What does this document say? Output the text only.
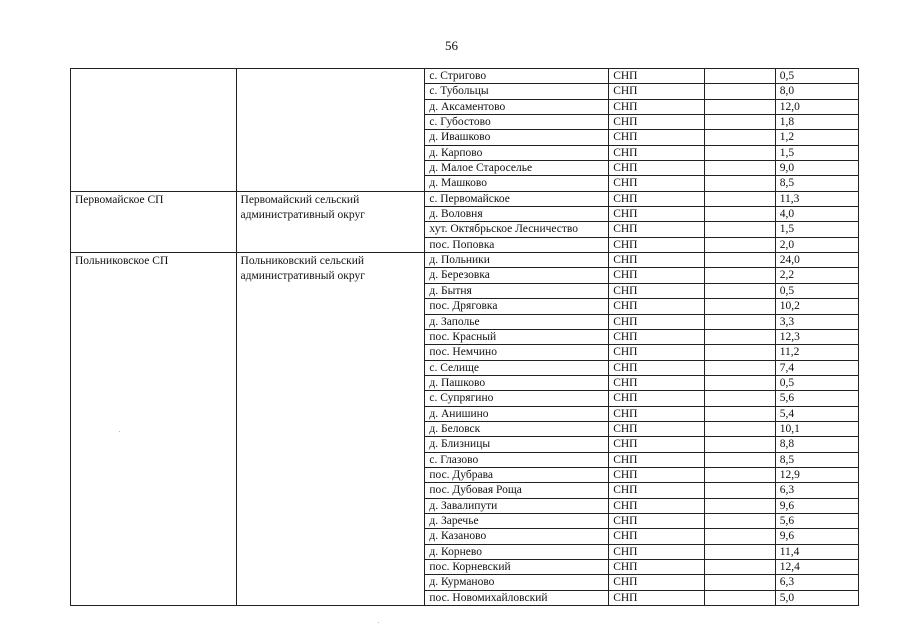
56
		с. Стригово	СНП		0,5
		с. Тубольцы	СНП		8,0
		д. Аксаментово	СНП		12,0
		с. Губостово	СНП		1,8
		д. Ивашково	СНП		1,2
		д. Карпово	СНП		1,5
		д. Малое Староселье	СНП		9,0
		д. Машково	СНП		8,5
Первомайское СП	Первомайский сельский административный округ	с. Первомайское	СНП		11,3
		д. Воловня	СНП		4,0
		хут. Октябрьское Лесничество	СНП		1,5
		пос. Поповка	СНП		2,0
Польниковское СП	Польниковский сельский административный округ	д. Польники	СНП		24,0
		д. Березовка	СНП		2,2
		д. Бытня	СНП		0,5
		пос. Дряговка	СНП		10,2
		д. Заполье	СНП		3,3
		пос. Красный	СНП		12,3
		пос. Немчино	СНП		11,2
		с. Селище	СНП		7,4
		д. Пашково	СНП		0,5
		с. Супрягино	СНП		5,6
		д. Анишино	СНП		5,4
		д. Беловск	СНП		10,1
		д. Близницы	СНП		8,8
		с. Глазово	СНП		8,5
		пос. Дубрава	СНП		12,9
		пос. Дубовая Роща	СНП		6,3
		д. Завалипути	СНП		9,6
		д. Заречье	СНП		5,6
		д. Казаново	СНП		9,6
		д. Корнево	СНП		11,4
		пос. Корневский	СНП		12,4
		д. Курманово	СНП		6,3
		пос. Новомихайловский	СНП		5,0
